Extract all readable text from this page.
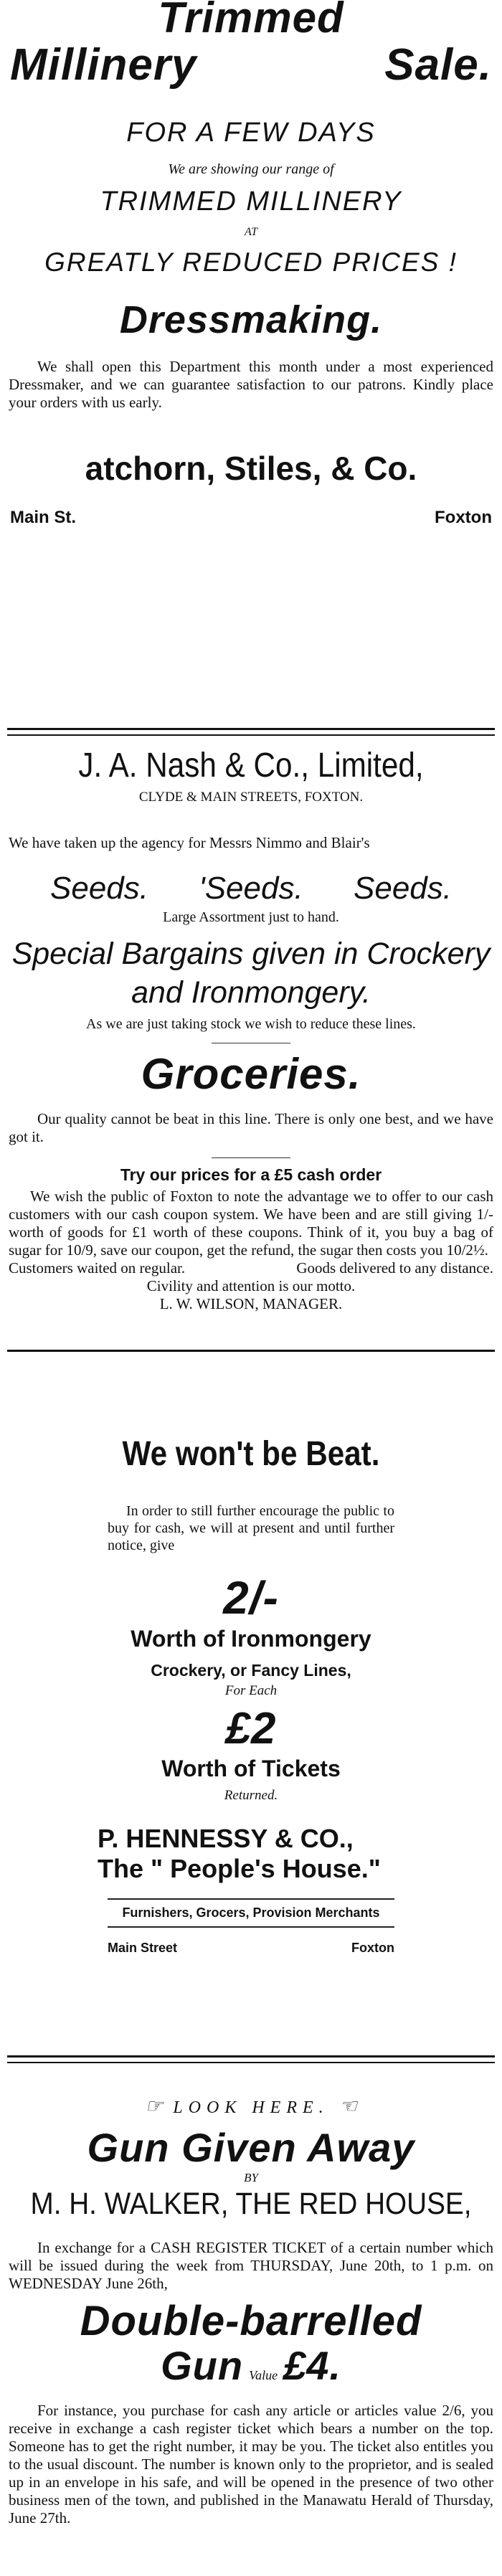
Trimmed
Millinery	Sale.
FOR A FEW DAYS
We are showing our range of
TRIMMED MILLINERY
AT
GREATLY REDUCED PRICES !
Dressmaking.
We shall open this Department this month under a most experienced Dressmaker, and we can guarantee satisfaction to our patrons. Kindly place your orders with us early.
atchorn, Stiles, & Co.
Main St.	Foxton
J. A. Nash & Co., Limited,
CLYDE & MAIN STREETS, FOXTON.
We have taken up the agency for Messrs Nimmo and Blair's
Seeds. 'Seeds. Seeds.
Large Assortment just to hand.
Special Bargains given in Crockery and Ironmongery.
As we are just taking stock we wish to reduce these lines.
Groceries.
Our quality cannot be beat in this line. There is only one best, and we have got it.
Try our prices for a £5 cash order
We wish the public of Foxton to note the advantage we to offer to our cash customers with our cash coupon system. We have been and are still giving 1/- worth of goods for £1 worth of these coupons. Think of it, you buy a bag of sugar for 10/9, save our coupon, get the refund, the sugar then costs you 10/2½.
Customers waited on regular.	Goods delivered to any distance.
Civility and attention is our motto.
L. W. WILSON, MANAGER.
We won't be Beat.
In order to still further encourage the public to buy for cash, we will at present and until further notice, give
2/-
Worth of Ironmongery
Crockery, or Fancy Lines,
For Each
£2
Worth of Tickets
Returned.
P. HENNESSY & CO.,
The " People's House."
Furnishers, Grocers, Provision Merchants
Main Street	Foxton
☞ LOOK HERE. ☜
Gun Given Away
BY
M. H. WALKER, THE RED HOUSE,
In exchange for a CASH REGISTER TICKET of a certain number which will be issued during the week from THURSDAY, June 20th, to 1 p.m. on WEDNESDAY June 26th,
Double-barrelled
Gun Value £4.
For instance, you purchase for cash any article or articles value 2/6, you receive in exchange a cash register ticket which bears a number on the top. Someone has to get the right number, it may be you. The ticket also entitles you to the usual discount. The number is known only to the proprietor, and is sealed up in an envelope in his safe, and will be opened in the presence of two other business men of the town, and published in the Manawatu Herald of Thursday, June 27th.
